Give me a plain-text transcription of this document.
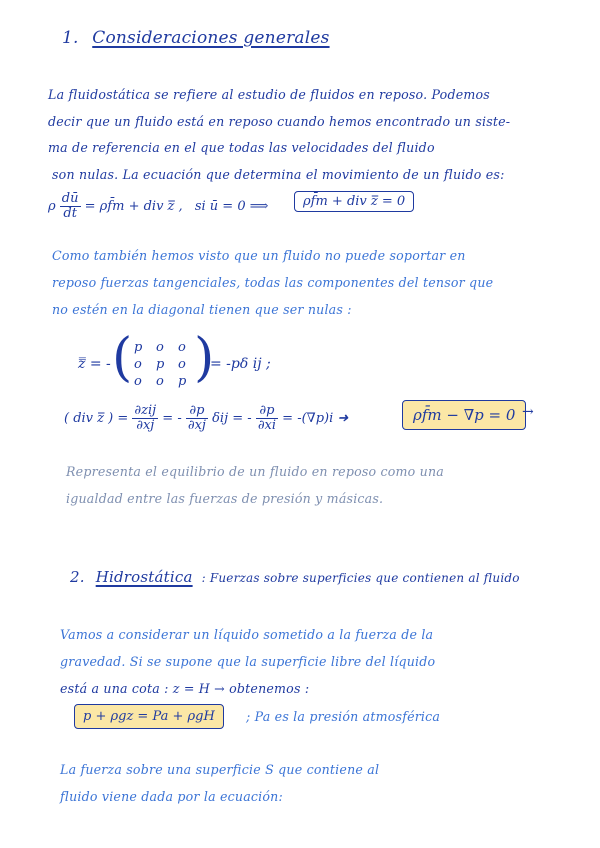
1. Consideraciones generales
La fluidostática se refiere al estudio de fluidos en reposo. Podemos
decir que un fluido está en reposo cuando hemos encontrado un siste-
ma de referencia en el que todas las velocidades del fluido
son nulas. La ecuación que determina el movimiento de un fluido es:
ρ $\frac{dū}{dt}$ = ρf̄m + div z̿ , si ū = 0 ⟹	ρf̄m + div z̿ = 0
Como también hemos visto que un fluido no puede soportar en
reposo fuerzas tangenciales, todas las componentes del tensor que
no estén en la diagonal tienen que ser nulas :
z̿ = - ( p o o
o p o
o o p )
= -pδ ij ;
( div z̿ ) = $\frac{\text{∂zij}}{\partial xj}$ = - $\frac{\partial p}{\partial xj}$ δij = - $\frac{\partial p}{\partial xi} = -(\nabla p)i$ ➜	ρf̄m − ∇p = 0 →
Representa el equilibrio de un fluido en reposo como una
igualdad entre las fuerzas de presión y másicas.
2. Hidrostática : Fuerzas sobre superficies que contienen al fluido
Vamos a considerar un líquido sometido a la fuerza de la
gravedad. Si se supone que la superficie libre del líquido
está a una cota : z = H → obtenemos :
p + ρgz = Pa + ρgH	; Pa es la presión atmosférica
La fuerza sobre una superficie S que contiene al
fluido viene dada por la ecuación:
